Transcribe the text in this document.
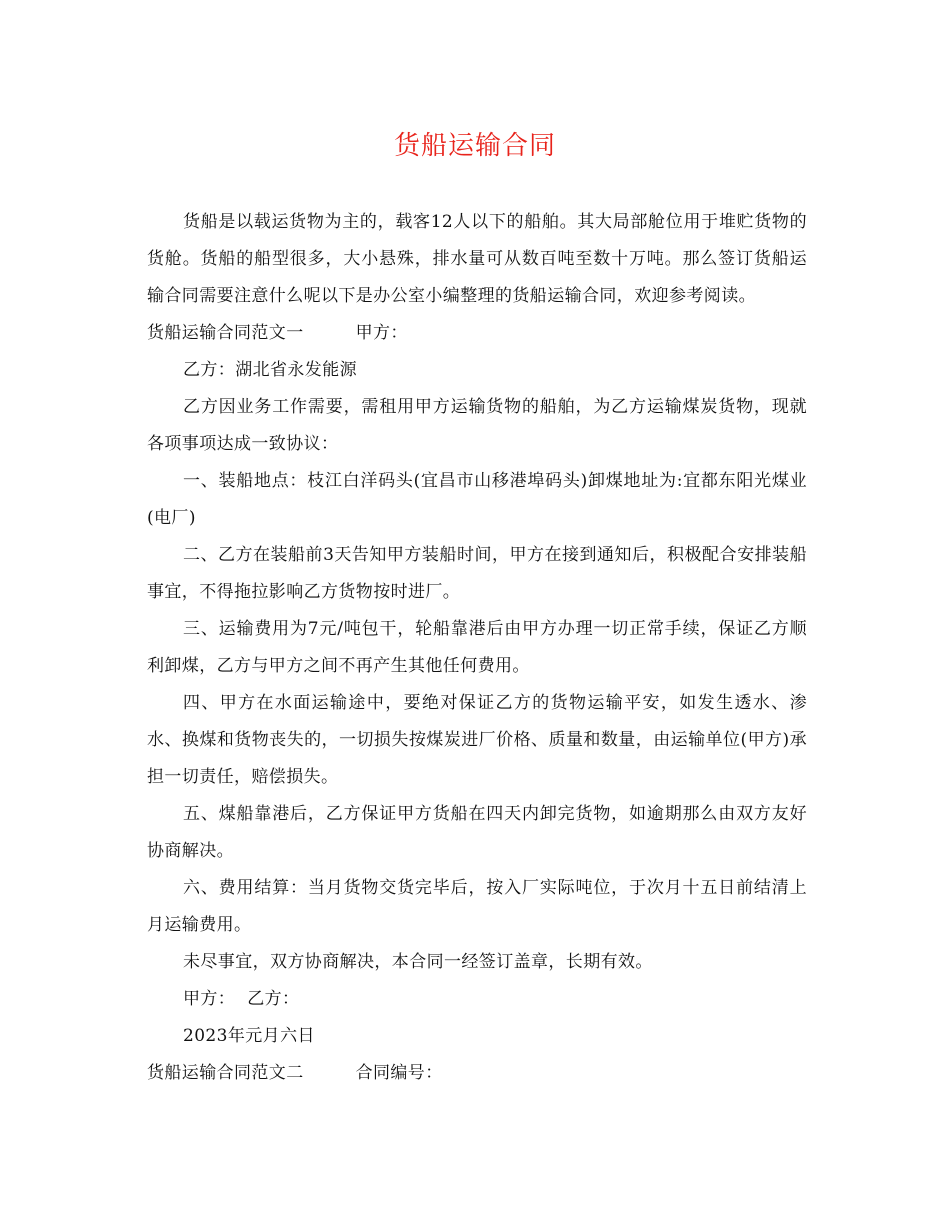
货船运输合同

货船是以载运货物为主的，载客12人以下的船舶。其大局部舱位用于堆贮货物的货舱。货船的船型很多，大小悬殊，排水量可从数百吨至数十万吨。那么签订货船运输合同需要注意什么呢以下是办公室小编整理的货船运输合同，欢迎参考阅读。

货船运输合同范文一	甲方：

乙方：湖北省永发能源

乙方因业务工作需要，需租用甲方运输货物的船舶，为乙方运输煤炭货物，现就各项事项达成一致协议：

一、装船地点：枝江白洋码头(宜昌市山移港埠码头)卸煤地址为:宜都东阳光煤业(电厂)

二、乙方在装船前3天告知甲方装船时间，甲方在接到通知后，积极配合安排装船事宜，不得拖拉影响乙方货物按时进厂。

三、运输费用为7元/吨包干，轮船靠港后由甲方办理一切正常手续，保证乙方顺利卸煤，乙方与甲方之间不再产生其他任何费用。

四、甲方在水面运输途中，要绝对保证乙方的货物运输平安，如发生透水、渗水、换煤和货物丧失的，一切损失按煤炭进厂价格、质量和数量，由运输单位(甲方)承担一切责任，赔偿损失。

五、煤船靠港后，乙方保证甲方货船在四天内卸完货物，如逾期那么由双方友好协商解决。

六、费用结算：当月货物交货完毕后，按入厂实际吨位，于次月十五日前结清上月运输费用。

未尽事宜，双方协商解决，本合同一经签订盖章，长期有效。

甲方： 乙方：

2023年元月六日

货船运输合同范文二	合同编号：
